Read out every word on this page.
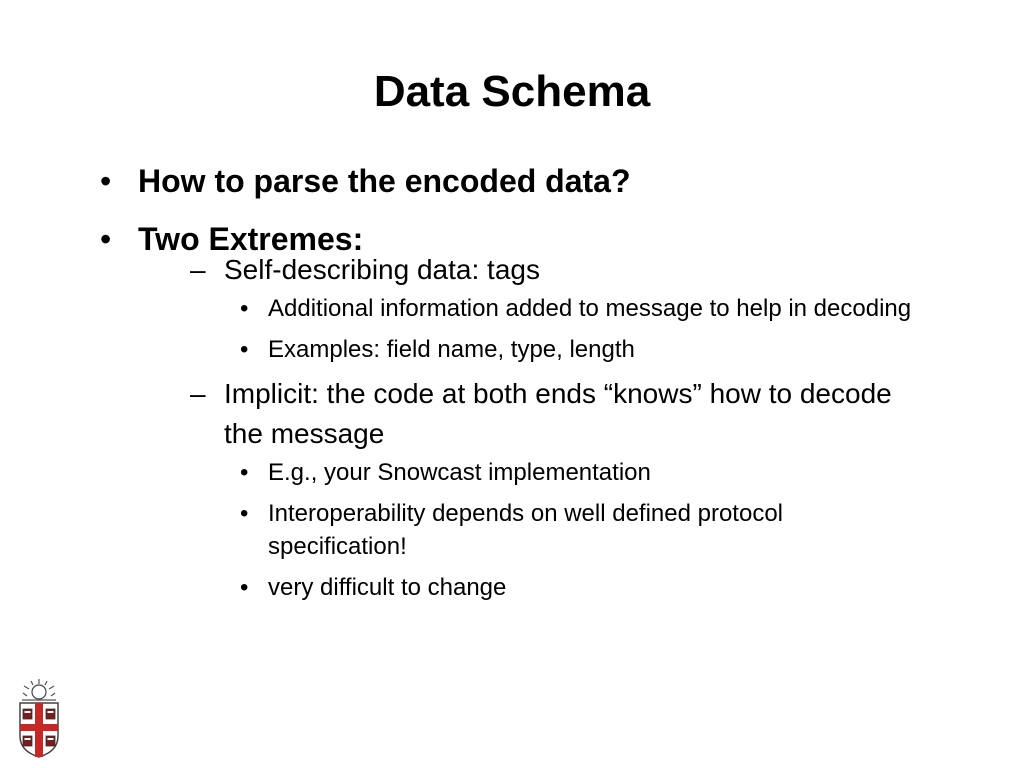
Data Schema
• How to parse the encoded data?
• Two Extremes:
– Self-describing data: tags
• Additional information added to message to help in decoding
• Examples: field name, type, length
– Implicit: the code at both ends “knows” how to decode the message
• E.g., your Snowcast implementation
• Interoperability depends on well defined protocol specification!
• very difficult to change
